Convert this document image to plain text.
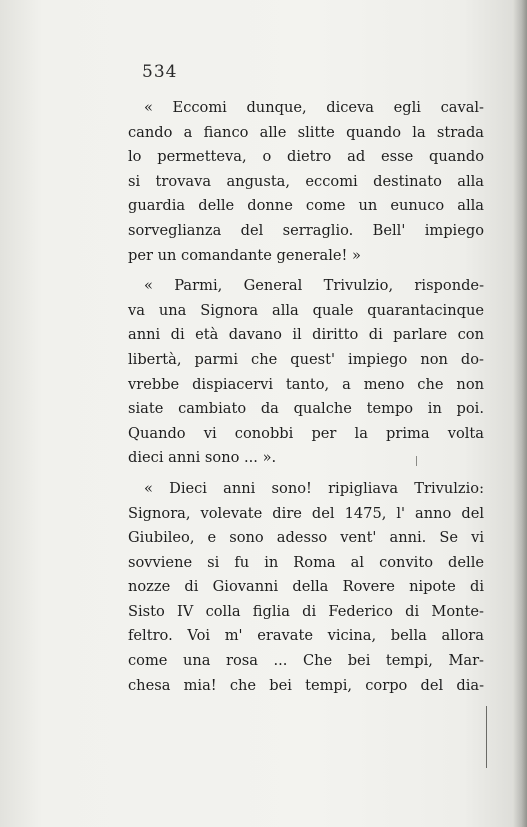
534
« Eccomi dunque, diceva egli caval-
cando a fianco alle slitte quando la strada
lo permetteva, o dietro ad esse quando
si trovava angusta, eccomi destinato alla
guardia delle donne come un eunuco alla
sorveglianza del serraglio. Bell' impiego
per un comandante generale! »
« Parmi, General Trivulzio, risponde-
va una Signora alla quale quarantacinque
anni di età davano il diritto di parlare con
libertà, parmi che quest' impiego non do-
vrebbe dispiacervi tanto, a meno che non
siate cambiato da qualche tempo in poi.
Quando vi conobbi per la prima volta
dieci anni sono ... ».
« Dieci anni sono! ripigliava Trivulzio:
Signora, volevate dire del 1475, l' anno del
Giubileo, e sono adesso vent' anni. Se vi
sovviene si fu in Roma al convito delle
nozze di Giovanni della Rovere nipote di
Sisto IV colla figlia di Federico di Monte-
feltro. Voi m' eravate vicina, bella allora
come una rosa ... Che bei tempi, Mar-
chesa mia! che bei tempi, corpo del dia-
